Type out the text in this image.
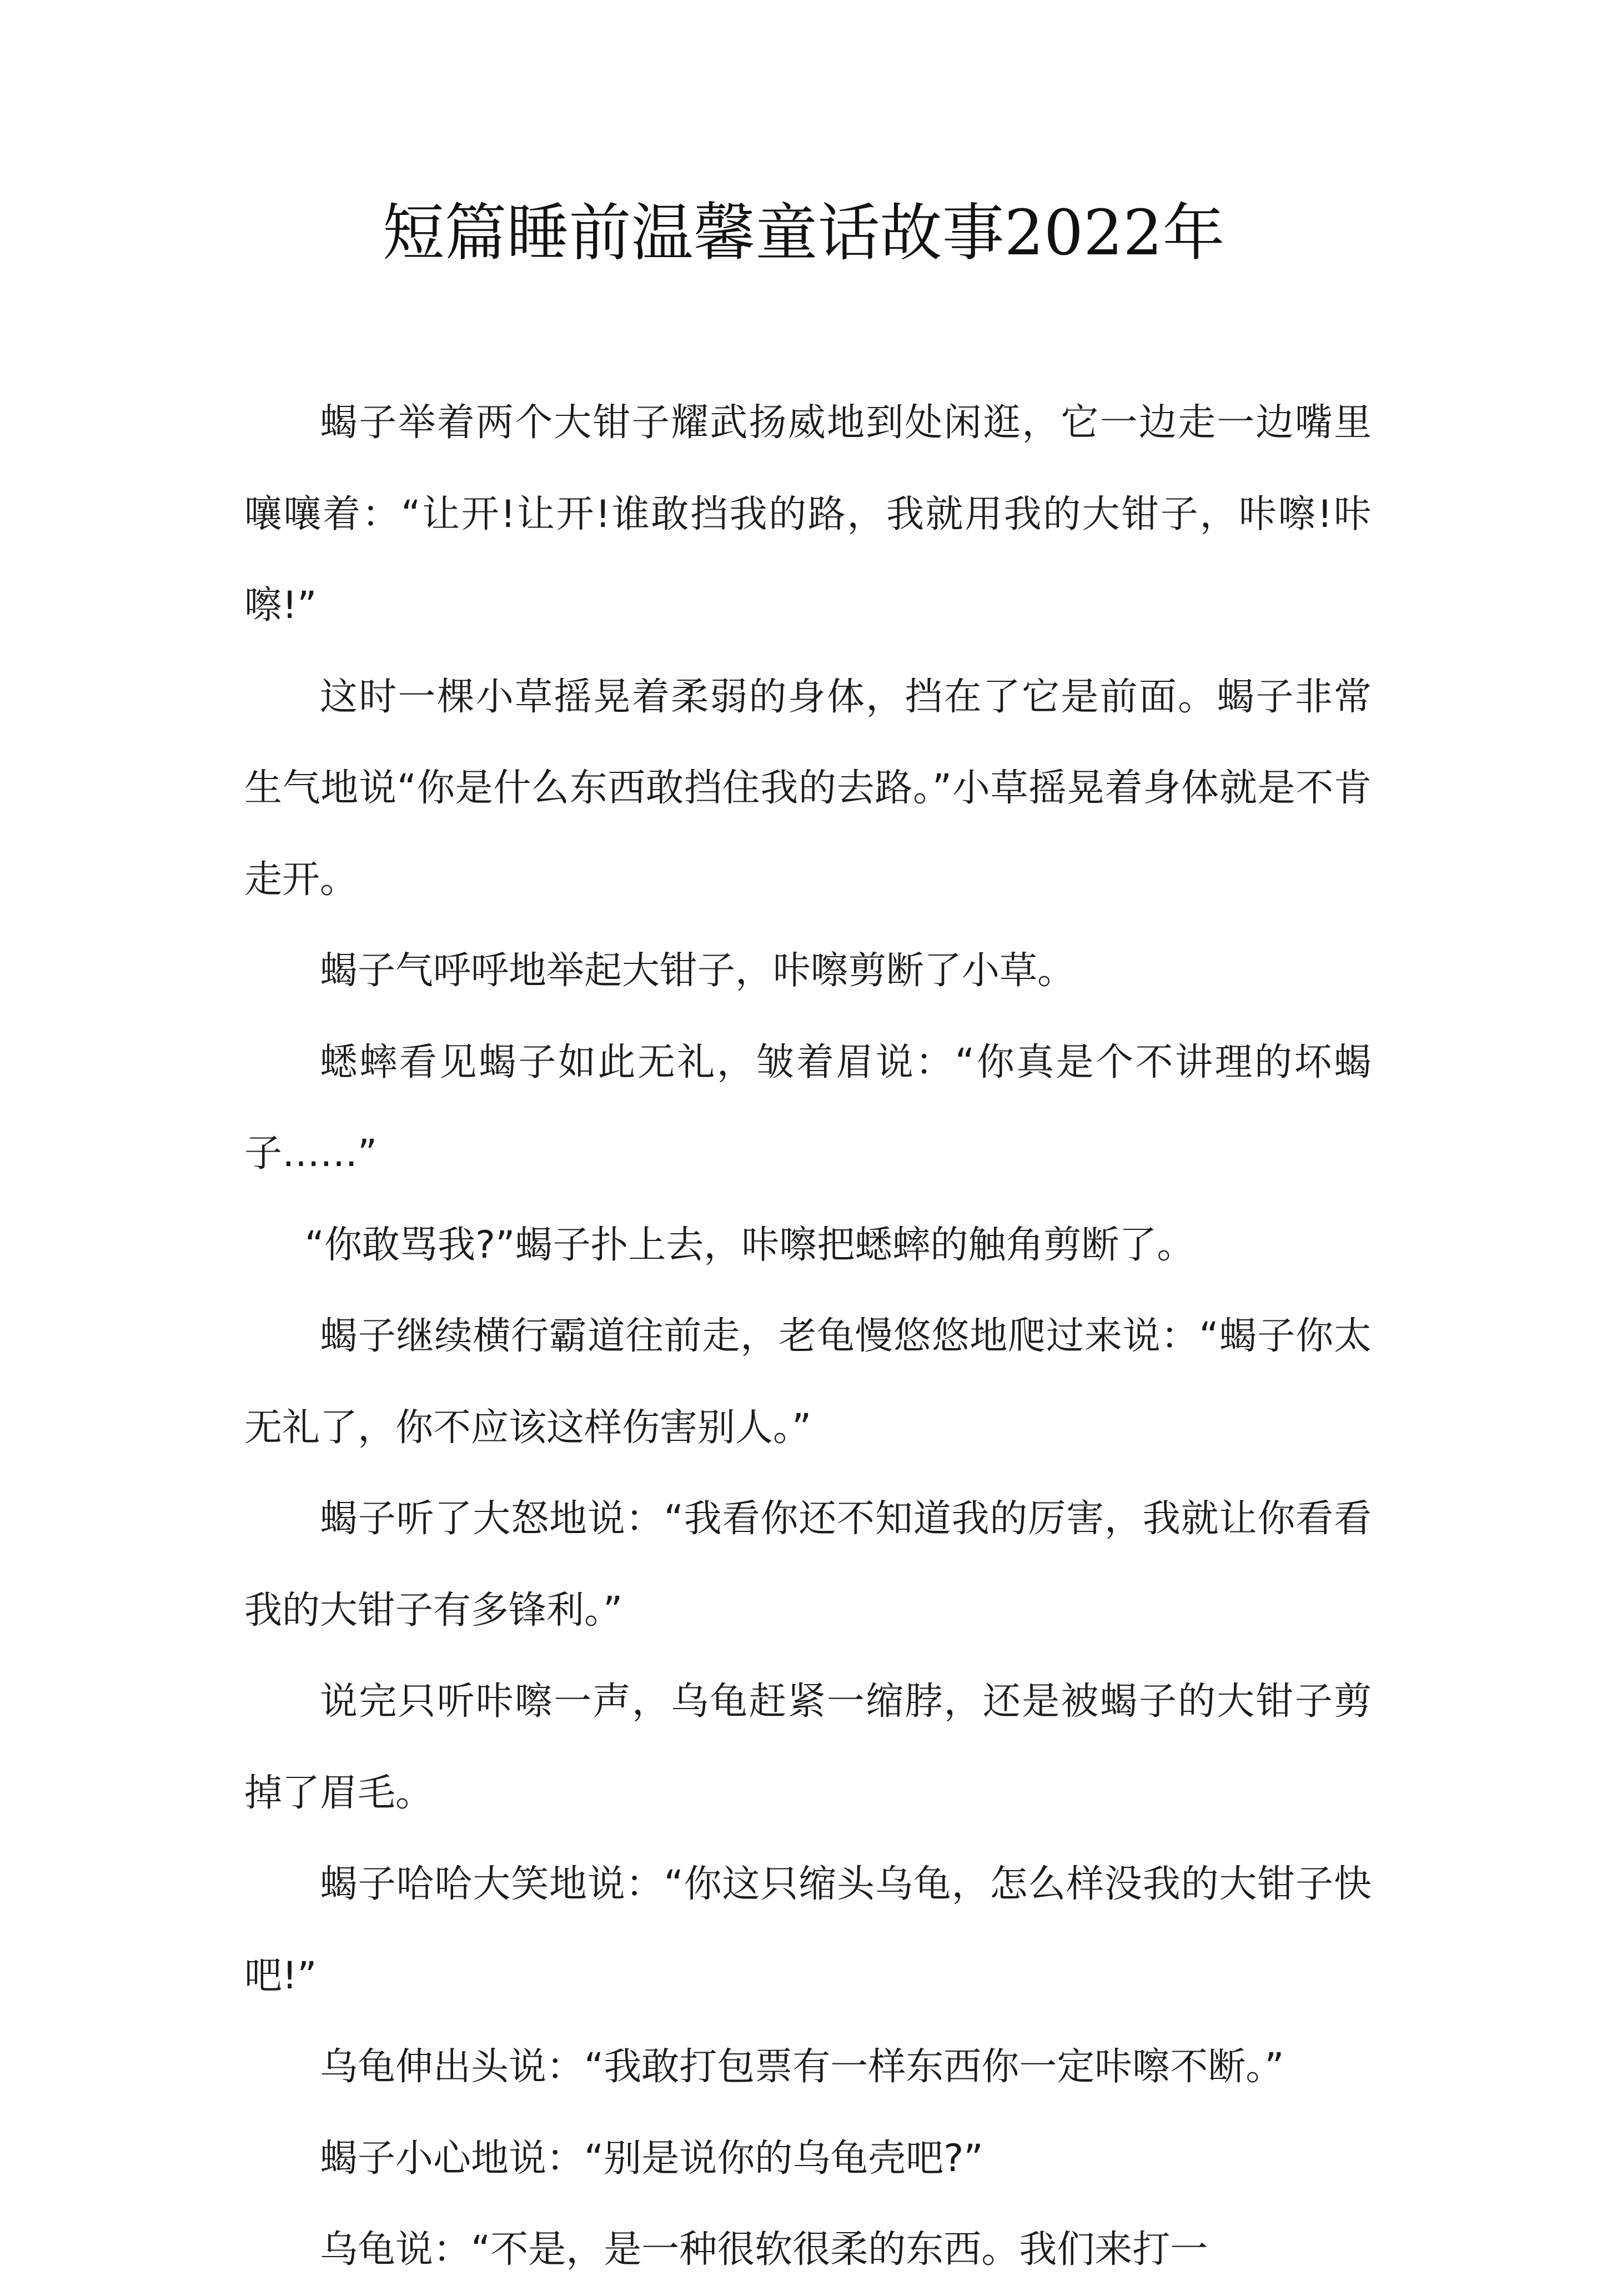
短篇睡前温馨童话故事2022年

蝎子举着两个大钳子耀武扬威地到处闲逛，它一边走一边嘴里嚷嚷着：“让开!让开!谁敢挡我的路，我就用我的大钳子，咔嚓!咔嚓!”

这时一棵小草摇晃着柔弱的身体，挡在了它是前面。蝎子非常生气地说“你是什么东西敢挡住我的去路。”小草摇晃着身体就是不肯走开。

蝎子气呼呼地举起大钳子，咔嚓剪断了小草。

蟋蟀看见蝎子如此无礼，皱着眉说：“你真是个不讲理的坏蝎子……”

“你敢骂我?”蝎子扑上去，咔嚓把蟋蟀的触角剪断了。

蝎子继续横行霸道往前走，老龟慢悠悠地爬过来说：“蝎子你太无礼了，你不应该这样伤害别人。”

蝎子听了大怒地说：“我看你还不知道我的厉害，我就让你看看我的大钳子有多锋利。”

说完只听咔嚓一声，乌龟赶紧一缩脖，还是被蝎子的大钳子剪掉了眉毛。

蝎子哈哈大笑地说：“你这只缩头乌龟，怎么样没我的大钳子快吧!”

乌龟伸出头说：“我敢打包票有一样东西你一定咔嚓不断。”

蝎子小心地说：“别是说你的乌龟壳吧?”

乌龟说：“不是，是一种很软很柔的东西。我们来打一
